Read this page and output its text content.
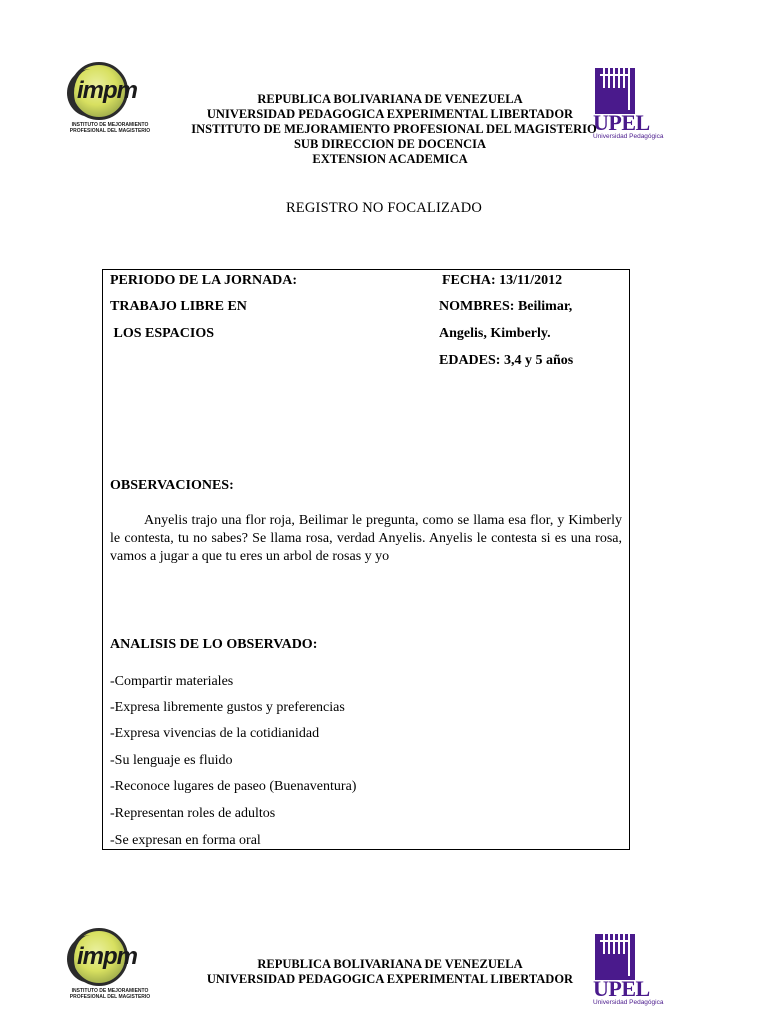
impm
INSTITUTO DE MEJORAMIENTO PROFESIONAL DEL MAGISTERIO	UPEL
Universidad Pedagógica
REPUBLICA BOLIVARIANA DE VENEZUELA
UNIVERSIDAD PEDAGOGICA EXPERIMENTAL LIBERTADOR
INSTITUTO DE MEJORAMIENTO PROFESIONAL DEL MAGISTERIO
SUB DIRECCION DE DOCENCIA
EXTENSION ACADEMICA
REGISTRO NO FOCALIZADO
PERIODO DE LA JORNADA:
TRABAJO LIBRE EN
LOS ESPACIOS
FECHA: 13/11/2012
NOMBRES: Beilimar,
Angelis, Kimberly.
EDADES: 3,4 y 5 años
OBSERVACIONES:
Anyelis trajo una flor roja, Beilimar le pregunta, como se llama esa flor, y Kimberly le contesta, tu no sabes? Se llama rosa, verdad Anyelis. Anyelis le contesta si es una rosa, vamos a jugar a que tu eres un arbol de rosas y yo
ANALISIS DE LO OBSERVADO:
-Compartir materiales
-Expresa libremente gustos y preferencias
-Expresa vivencias de la cotidianidad
-Su lenguaje es fluido
-Reconoce lugares de paseo (Buenaventura)
-Representan roles de adultos
-Se expresan en forma oral
impm
INSTITUTO DE MEJORAMIENTO PROFESIONAL DEL MAGISTERIO	UPEL
Universidad Pedagógica
REPUBLICA BOLIVARIANA DE VENEZUELA
UNIVERSIDAD PEDAGOGICA EXPERIMENTAL LIBERTADOR
